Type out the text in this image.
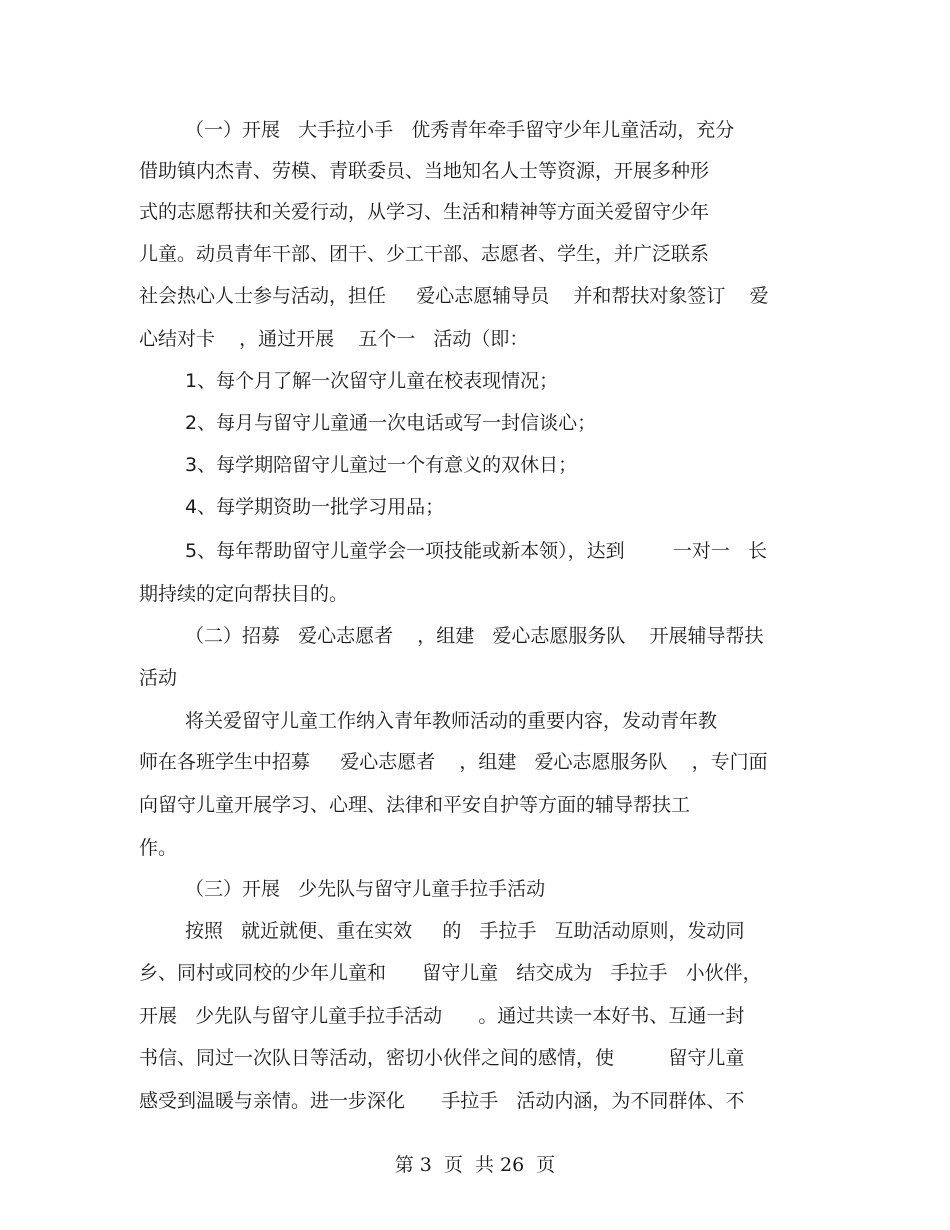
（一）开展   大手拉小手   优秀青年牵手留守少年儿童活动，充分

借助镇内杰青、劳模、青联委员、当地知名人士等资源，开展多种形

式的志愿帮扶和关爱行动，从学习、生活和精神等方面关爱留守少年

儿童。动员青年干部、团干、少工干部、志愿者、学生，并广泛联系

社会热心人士参与活动，担任     爱心志愿辅导员    并和帮扶对象签订    爱

心结对卡    ，通过开展    五个一   活动（即：

1、每个月了解一次留守儿童在校表现情况；

2、每月与留守儿童通一次电话或写一封信谈心；

3、每学期陪留守儿童过一个有意义的双休日；

4、每学期资助一批学习用品；

5、每年帮助留守儿童学会一项技能或新本领），达到        一对一   长

期持续的定向帮扶目的。

（二）招募   爱心志愿者    ，组建   爱心志愿服务队    开展辅导帮扶

活动

将关爱留守儿童工作纳入青年教师活动的重要内容，发动青年教

师在各班学生中招募     爱心志愿者    ，组建   爱心志愿服务队    ，专门面

向留守儿童开展学习、心理、法律和平安自护等方面的辅导帮扶工

作。

（三）开展   少先队与留守儿童手拉手活动

按照   就近就便、重在实效     的   手拉手   互助活动原则，发动同

乡、同村或同校的少年儿童和      留守儿童   结交成为   手拉手   小伙伴，

开展   少先队与留守儿童手拉手活动      。通过共读一本好书、互通一封

书信、同过一次队日等活动，密切小伙伴之间的感情，使         留守儿童

感受到温暖与亲情。进一步深化      手拉手   活动内涵，为不同群体、不

第 3  页  共 26  页
